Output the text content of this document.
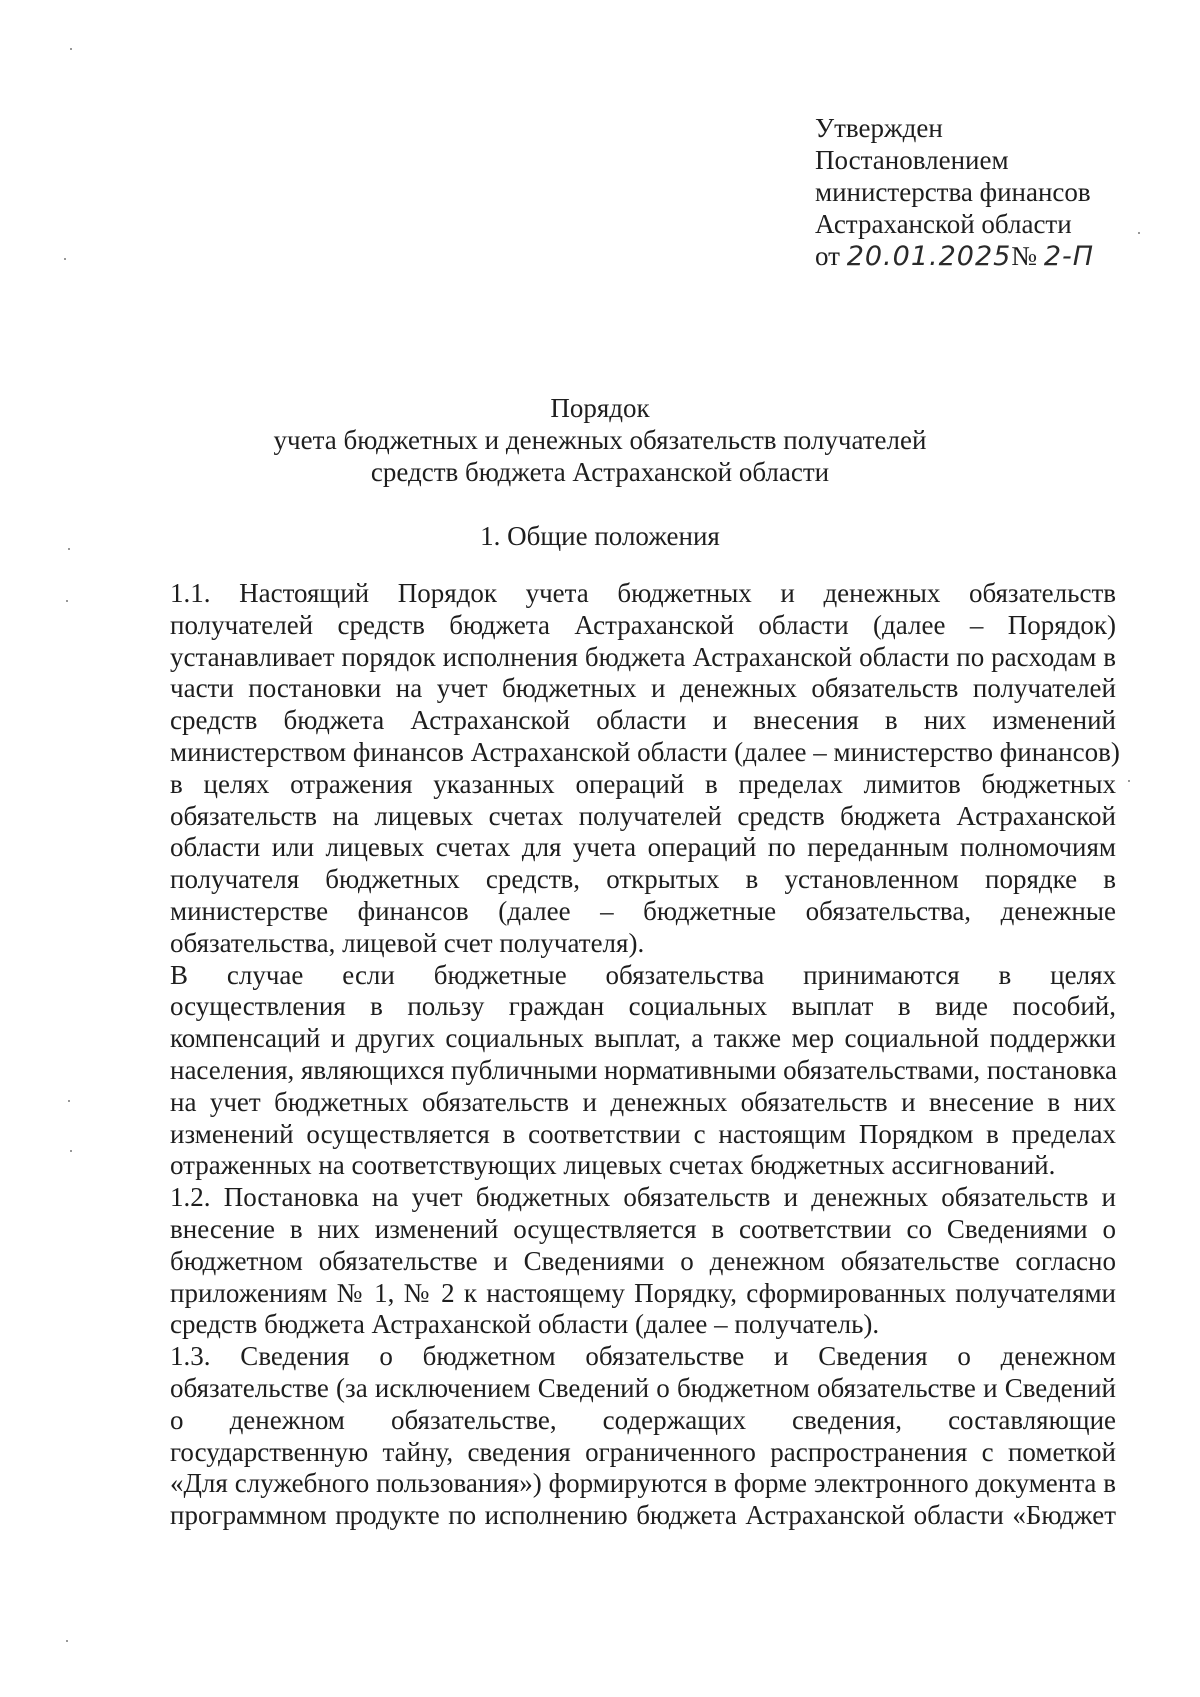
Утвержден
Постановлением
министерства финансов
Астраханской области
от 20.01.2025№ 2-П
Порядок
учета бюджетных и денежных обязательств получателей
средств бюджета Астраханской области
1. Общие положения
1.1. Настоящий Порядок учета бюджетных и денежных обязательств
получателей средств бюджета Астраханской области (далее – Порядок)
устанавливает порядок исполнения бюджета Астраханской области по расходам в
части постановки на учет бюджетных и денежных обязательств получателей
средств бюджета Астраханской области и внесения в них изменений
министерством финансов Астраханской области (далее – министерство финансов)
в целях отражения указанных операций в пределах лимитов бюджетных
обязательств на лицевых счетах получателей средств бюджета Астраханской
области или лицевых счетах для учета операций по переданным полномочиям
получателя бюджетных средств, открытых в установленном порядке в
министерстве финансов (далее – бюджетные обязательства, денежные
обязательства, лицевой счет получателя).
В случае если бюджетные обязательства принимаются в целях
осуществления в пользу граждан социальных выплат в виде пособий,
компенсаций и других социальных выплат, а также мер социальной поддержки
населения, являющихся публичными нормативными обязательствами, постановка
на учет бюджетных обязательств и денежных обязательств и внесение в них
изменений осуществляется в соответствии с настоящим Порядком в пределах
отраженных на соответствующих лицевых счетах бюджетных ассигнований.
1.2. Постановка на учет бюджетных обязательств и денежных обязательств и
внесение в них изменений осуществляется в соответствии со Сведениями о
бюджетном обязательстве и Сведениями о денежном обязательстве согласно
приложениям № 1, № 2 к настоящему Порядку, сформированных получателями
средств бюджета Астраханской области (далее – получатель).
1.3. Сведения о бюджетном обязательстве и Сведения о денежном
обязательстве (за исключением Сведений о бюджетном обязательстве и Сведений
о денежном обязательстве, содержащих сведения, составляющие
государственную тайну, сведения ограниченного распространения с пометкой
«Для служебного пользования») формируются в форме электронного документа в
программном продукте по исполнению бюджета Астраханской области «Бюджет
